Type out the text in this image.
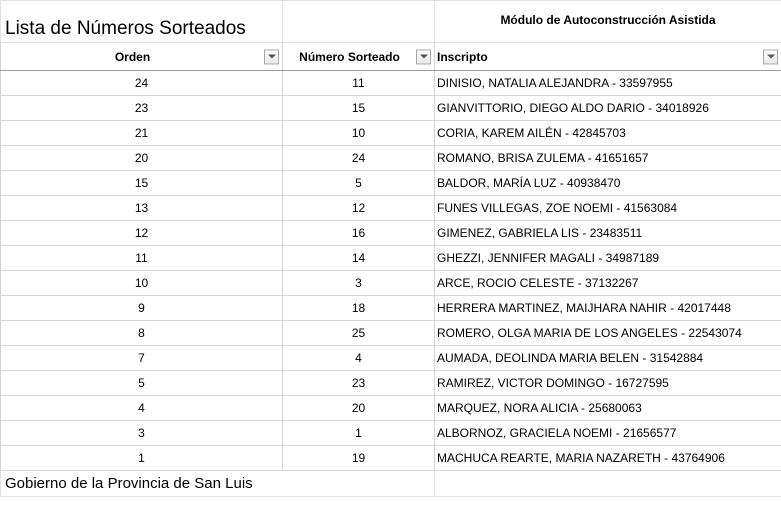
Lista de Números Sorteados		Módulo de Autoconstrucción Asistida

Orden	Número Sorteado	Inscripto

24	11	DINISIO, NATALIA ALEJANDRA - 33597955
23	15	GIANVITTORIO, DIEGO ALDO DARIO - 34018926
21	10	CORIA, KAREM AILÉN - 42845703
20	24	ROMANO, BRISA ZULEMA - 41651657
15	5	BALDOR, MARÍA LUZ - 40938470
13	12	FUNES VILLEGAS, ZOE NOEMI - 41563084
12	16	GIMENEZ, GABRIELA LIS - 23483511
11	14	GHEZZI, JENNIFER MAGALI - 34987189
10	3	ARCE, ROCIO CELESTE - 37132267
9	18	HERRERA MARTINEZ, MAIJHARA NAHIR - 42017448
8	25	ROMERO, OLGA MARIA DE LOS ANGELES - 22543074
7	4	AUMADA, DEOLINDA MARIA BELEN - 31542884
5	23	RAMIREZ, VICTOR DOMINGO - 16727595
4	20	MARQUEZ, NORA ALICIA - 25680063
3	1	ALBORNOZ, GRACIELA NOEMI - 21656577
1	19	MACHUCA REARTE, MARIA NAZARETH - 43764906
Gobierno de la Provincia de San Luis		
